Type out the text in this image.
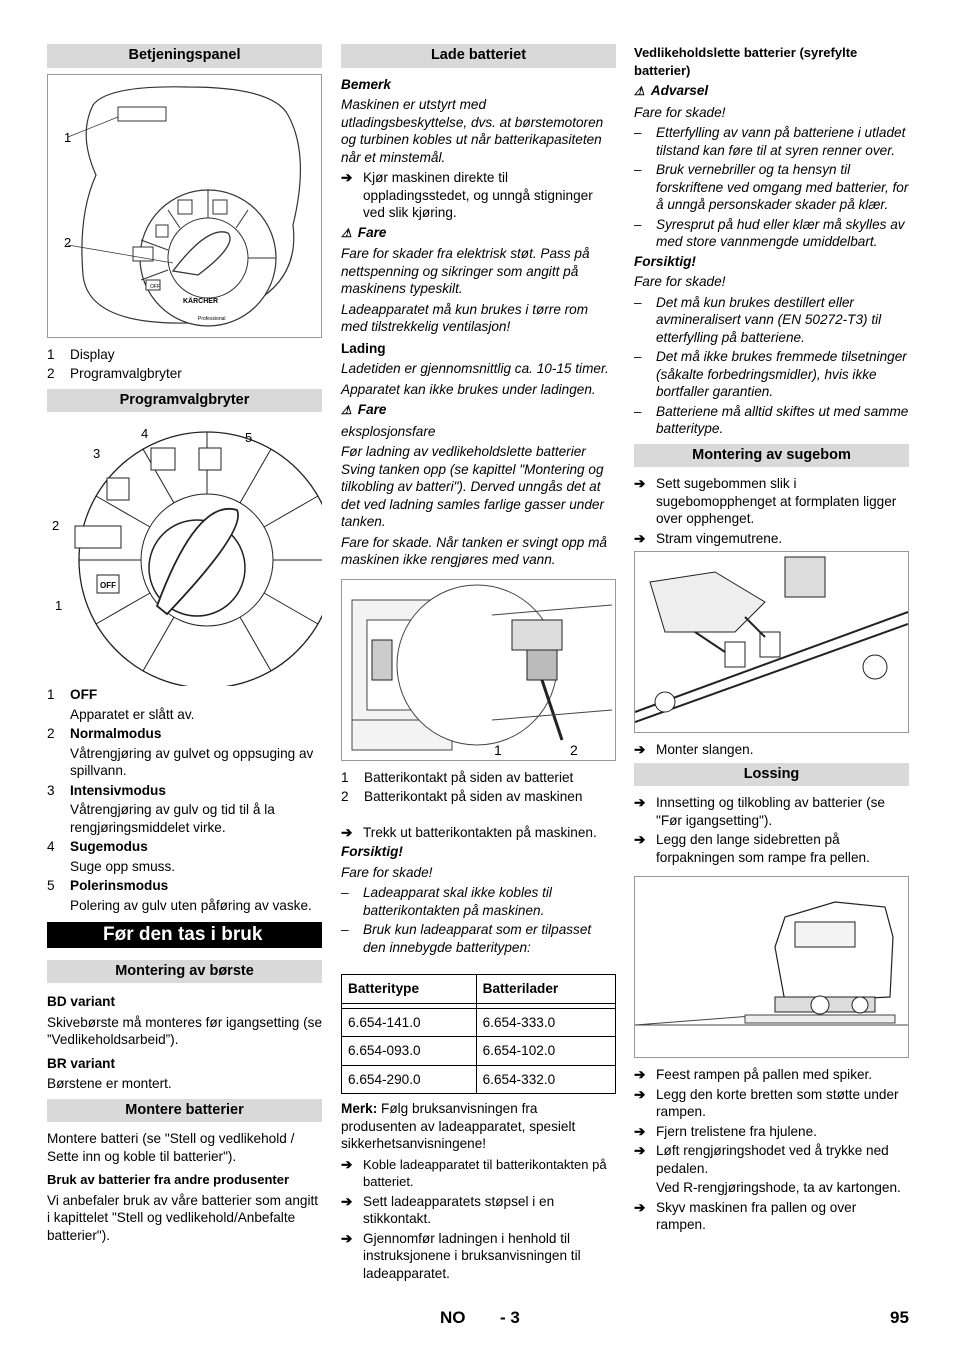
Betjeningspanel
1
2
OFF
KÄRCHER
Professional
1	Display
2	Programvalgbryter
Programvalgbryter
OFF
4	5
3
2
1
1	OFF
Apparatet er slått av.
2	Normalmodus
Våtrengjøring av gulvet og oppsuging av spillvann.
3	Intensivmodus
Våtrengjøring av gulv og tid til å la rengjøringsmiddelet virke.
4	Sugemodus
Suge opp smuss.
5	Polerinsmodus
Polering av gulv uten påføring av vaske.
Før den tas i bruk
Montering av børste

BD variant

Skivebørste må monteres før igangsetting (se ”Vedlikeholdsarbeid”).

BR variant

Børstene er montert.

Montere batterier

Montere batteri (se "Stell og vedlikehold / Sette inn og koble til batterier").

Bruk av batterier fra andre produsenter

Vi anbefaler bruk av våre batterier som angitt i kapittelet "Stell og vedlikehold/Anbefalte batterier").

Lade batteriet

Bemerk

Maskinen er utstyrt med utladingsbeskyttelse, dvs. at børstemotoren og turbinen kobles ut når batterikapasiteten når et minstemål.

➔ Kjør maskinen direkte til oppladingsstedet, og unngå stigninger ved slik kjøring.

⚠ Fare

Fare for skader fra elektrisk støt. Pass på nettspenning og sikringer som angitt på maskinens typeskilt.

Ladeapparatet må kun brukes i tørre rom med tilstrekkelig ventilasjon!

Lading

Ladetiden er gjennomsnittlig ca. 10-15 timer.

Apparatet kan ikke brukes under ladingen.

⚠ Fare

eksplosjonsfare

Før ladning av vedlikeholdslette batterier Sving tanken opp (se kapittel "Montering og tilkobling av batteri"). Derved unngås det at det ved ladning samles farlige gasser under tanken.

Fare for skade. Når tanken er svingt opp må maskinen ikke rengjøres med vann.

1	2
1	Batterikontakt på siden av batteriet
2	Batterikontakt på siden av maskinen
➔ Trekk ut batterikontakten på maskinen.

Forsiktig!

Fare for skade!

–	Ladeapparat skal ikke kobles til batterikontakten på maskinen.
–	Bruk kun ladeapparat som er tilpasset den innebygde batteritypen:
Batteritype	Batterilader

6.654-141.0	6.654-333.0
6.654-093.0	6.654-102.0
6.654-290.0	6.654-332.0

Merk: Følg bruksanvisningen fra produsenten av ladeapparatet, spesielt sikkerhetsanvisningene!

➔ Koble ladeapparatet til batterikontakten på batteriet.
➔ Sett ladeapparatets støpsel i en stikkontakt.
➔ Gjennomfør ladningen i henhold til instruksjonene i bruksanvisningen til ladeapparatet.

Vedlikeholdslette batterier (syrefylte batterier)

⚠ Advarsel

Fare for skade!

–	Etterfylling av vann på batteriene i utladet tilstand kan føre til at syren renner over.
–	Bruk vernebriller og ta hensyn til forskriftene ved omgang med batterier, for å unngå personskader skader på klær.
–	Syresprut på hud eller klær må skylles av med store vannmengde umiddelbart.

Forsiktig!

Fare for skade!

–	Det må kun brukes destillert eller avmineralisert vann (EN 50272-T3) til etterfylling på batteriene.
–	Det må ikke brukes fremmede tilsetninger (såkalte forbedringsmidler), hvis ikke bortfaller garantien.
–	Batteriene må alltid skiftes ut med sammе batteritype.
Montering av sugebom
➔ Sett sugebommen slik i sugebomopphenget at formplaten ligger over opphenget.
➔ Stram vingemutrene.
➔ Monter slangen.
Lossing
➔ Innsetting og tilkobling av batterier (se "Før igangsetting").
➔ Legg den lange sidebretten på forpakningen som rampe fra pellen.
➔ Feest rampen på pallen med spiker.
➔ Legg den korte bretten som støtte under rampen.
➔ Fjern trelistene fra hjulene.
➔ Løft rengjøringshodet ved å trykke ned pedalen.
Ved R-rengjøringshode, ta av kartongen.
➔ Skyv maskinen fra pallen og over rampen.
NO - 3	95
